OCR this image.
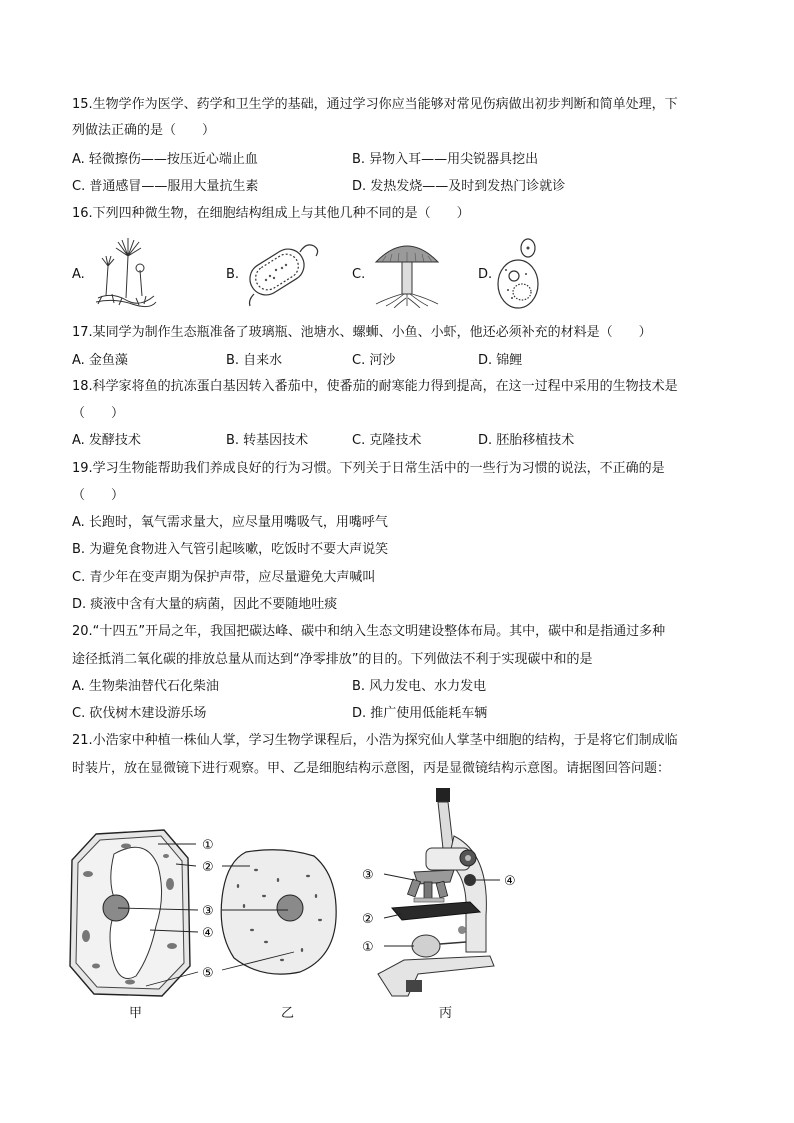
15.生物学作为医学、药学和卫生学的基础，通过学习你应当能够对常见伤病做出初步判断和简单处理，下
列做法正确的是（　　）
A. 轻微擦伤——按压近心端止血	B. 异物入耳——用尖锐器具挖出
C. 普通感冒——服用大量抗生素	D. 发热发烧——及时到发热门诊就诊
16.下列四种微生物，在细胞结构组成上与其他几种不同的是（　　）
A.	B.	C.	D.
17.某同学为制作生态瓶准备了玻璃瓶、池塘水、螺蛳、小鱼、小虾，他还必须补充的材料是（　　）
A. 金鱼藻	B. 自来水	C. 河沙	D. 锦鲤
18.科学家将鱼的抗冻蛋白基因转入番茄中，使番茄的耐寒能力得到提高，在这一过程中采用的生物技术是
（　　）
A. 发酵技术	B. 转基因技术	C. 克隆技术	D. 胚胎移植技术
19.学习生物能帮助我们养成良好的行为习惯。下列关于日常生活中的一些行为习惯的说法，不正确的是
（　　）
A. 长跑时，氧气需求量大，应尽量用嘴吸气，用嘴呼气
B. 为避免食物进入气管引起咳嗽，吃饭时不要大声说笑
C. 青少年在变声期为保护声带，应尽量避免大声喊叫
D. 痰液中含有大量的病菌，因此不要随地吐痰
20.“十四五”开局之年，我国把碳达峰、碳中和纳入生态文明建设整体布局。其中，碳中和是指通过多种
途径抵消二氧化碳的排放总量从而达到“净零排放”的目的。下列做法不利于实现碳中和的是
A. 生物柴油替代石化柴油	B. 风力发电、水力发电
C. 砍伐树木建设游乐场	D. 推广使用低能耗车辆
21.小浩家中种植一株仙人掌，学习生物学课程后，小浩为探究仙人掌茎中细胞的结构，于是将它们制成临
时装片，放在显微镜下进行观察。甲、乙是细胞结构示意图，丙是显微镜结构示意图。请据图回答问题：
①
②
③
④
⑤
③	④
②
①
甲	乙	丙
